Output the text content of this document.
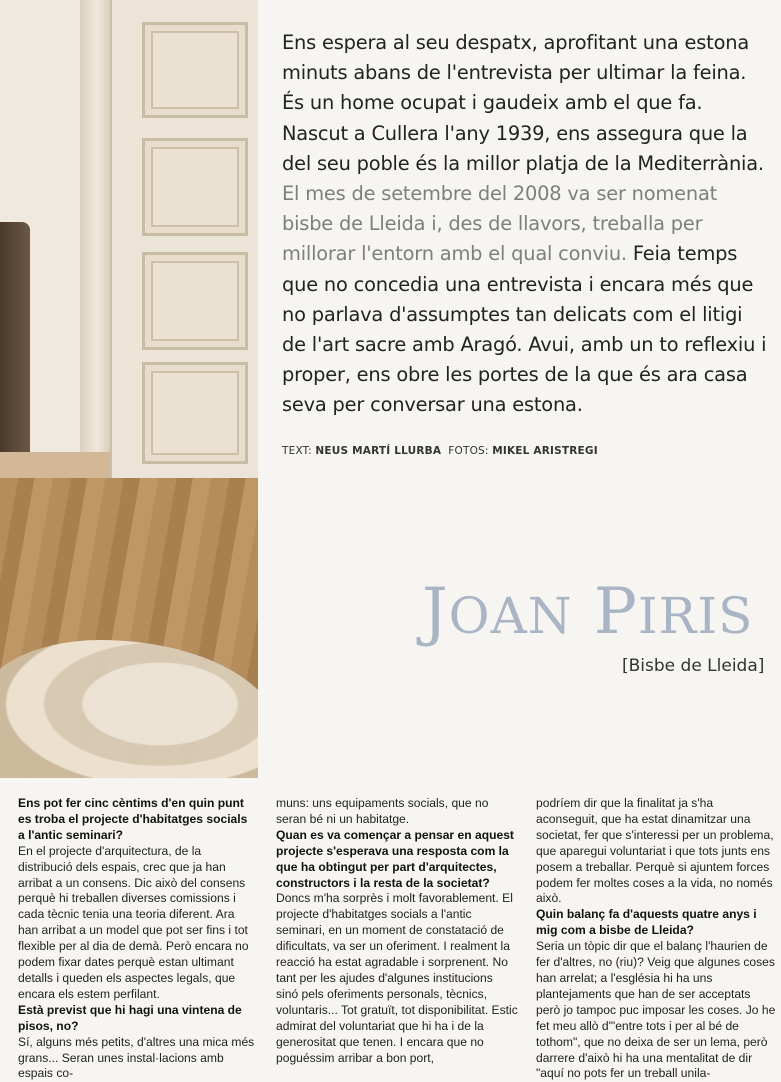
Ens espera al seu despatx, aprofitant una estona minuts abans de l'entrevista per ultimar la feina. És un home ocupat i gaudeix amb el que fa. Nascut a Cullera l'any 1939, ens assegura que la del seu poble és la millor platja de la Mediterrània. El mes de setembre del 2008 va ser nomenat bisbe de Lleida i, des de llavors, treballa per millorar l'entorn amb el qual conviu. Feia temps que no concedia una entrevista i encara més que no parlava d'assumptes tan delicats com el litigi de l'art sacre amb Aragó. Avui, amb un to reflexiu i proper, ens obre les portes de la que és ara casa seva per conversar una estona.

TEXT: NEUS MARTÍ LLURBA FOTOS: MIKEL ARISTREGI
JOAN PIRIS
[Bisbe de Lleida]

Ens pot fer cinc cèntims d'en quin punt es troba el projecte d'habitatges socials a l'antic seminari?

En el projecte d'arquitectura, de la distribució dels espais, crec que ja han arribat a un consens. Dic això del consens perquè hi treballen diverses comissions i cada tècnic tenia una teoria diferent. Ara han arribat a un model que pot ser fins i tot flexible per al dia de demà. Però encara no podem fixar dates perquè estan ultimant detalls i queden els aspectes legals, que encara els estem perfilant.

Està previst que hi hagi una vintena de pisos, no?

Sí, alguns més petits, d'altres una mica més grans... Seran unes instal·lacions amb espais co-

muns: uns equipaments socials, que no seran bé ni un habitatge.

Quan es va començar a pensar en aquest projecte s'esperava una resposta com la que ha obtingut per part d'arquitectes, constructors i la resta de la societat?

Doncs m'ha sorprès i molt favorablement. El projecte d'habitatges socials a l'antic seminari, en un moment de constatació de dificultats, va ser un oferiment. I realment la reacció ha estat agradable i sorprenent. No tant per les ajudes d'algunes institucions sinó pels oferiments personals, tècnics, voluntaris... Tot gratuït, tot disponibilitat. Estic admirat del voluntariat que hi ha i de la generositat que tenen. I encara que no poguéssim arribar a bon port,

podríem dir que la finalitat ja s'ha aconseguit, que ha estat dinamitzar una societat, fer que s'interessi per un problema, que aparegui voluntariat i que tots junts ens posem a treballar. Perquè si ajuntem forces podem fer moltes coses a la vida, no només això.

Quin balanç fa d'aquests quatre anys i mig com a bisbe de Lleida?

Seria un tòpic dir que el balanç l'haurien de fer d'altres, no (riu)? Veig que algunes coses han arrelat; a l'església hi ha uns plantejaments que han de ser acceptats però jo tampoc puc imposar les coses. Jo he fet meu allò d'"entre tots i per al bé de tothom", que no deixa de ser un lema, però darrere d'això hi ha una mentalitat de dir "aquí no pots fer un treball unila-
